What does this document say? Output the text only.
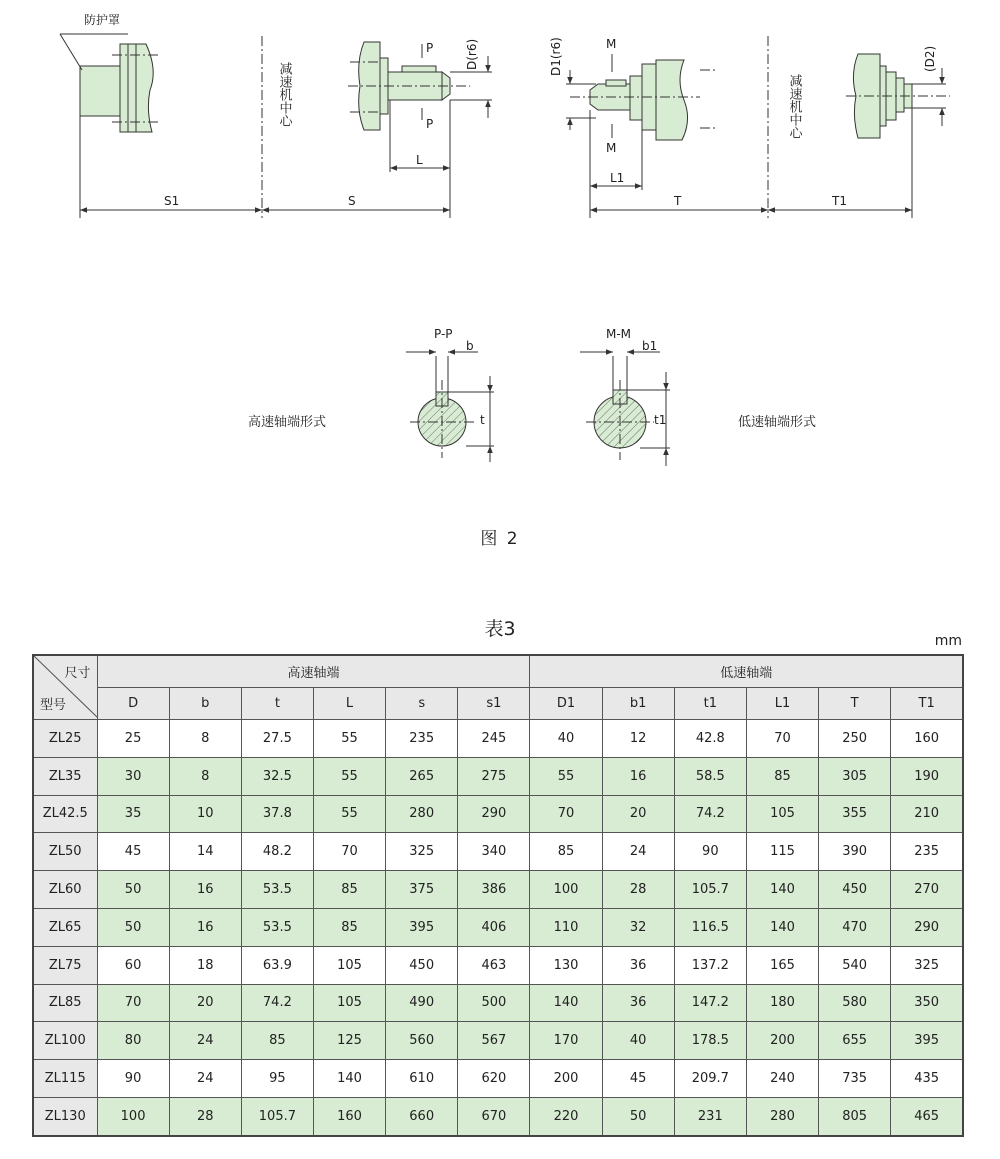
防护罩
减速机中心	减速机中心
S1	S
L
D(r6)
P
P
D1(r6)	M
M
L1
T	T1
(D2)
P-P
b
t
M-M
b1
t1
高速轴端形式	低速轴端形式
图 2
表3
mm
尺寸
型号	高速轴端						低速轴端					
	D	b	t	L	s	s1	D1	b1	t1	L1	T	T1
ZL25	25	8	27.5	55	235	245	40	12	42.8	70	250	160
ZL35	30	8	32.5	55	265	275	55	16	58.5	85	305	190
ZL42.5	35	10	37.8	55	280	290	70	20	74.2	105	355	210
ZL50	45	14	48.2	70	325	340	85	24	90	115	390	235
ZL60	50	16	53.5	85	375	386	100	28	105.7	140	450	270
ZL65	50	16	53.5	85	395	406	110	32	116.5	140	470	290
ZL75	60	18	63.9	105	450	463	130	36	137.2	165	540	325
ZL85	70	20	74.2	105	490	500	140	36	147.2	180	580	350
ZL100	80	24	85	125	560	567	170	40	178.5	200	655	395
ZL115	90	24	95	140	610	620	200	45	209.7	240	735	435
ZL130	100	28	105.7	160	660	670	220	50	231	280	805	465
